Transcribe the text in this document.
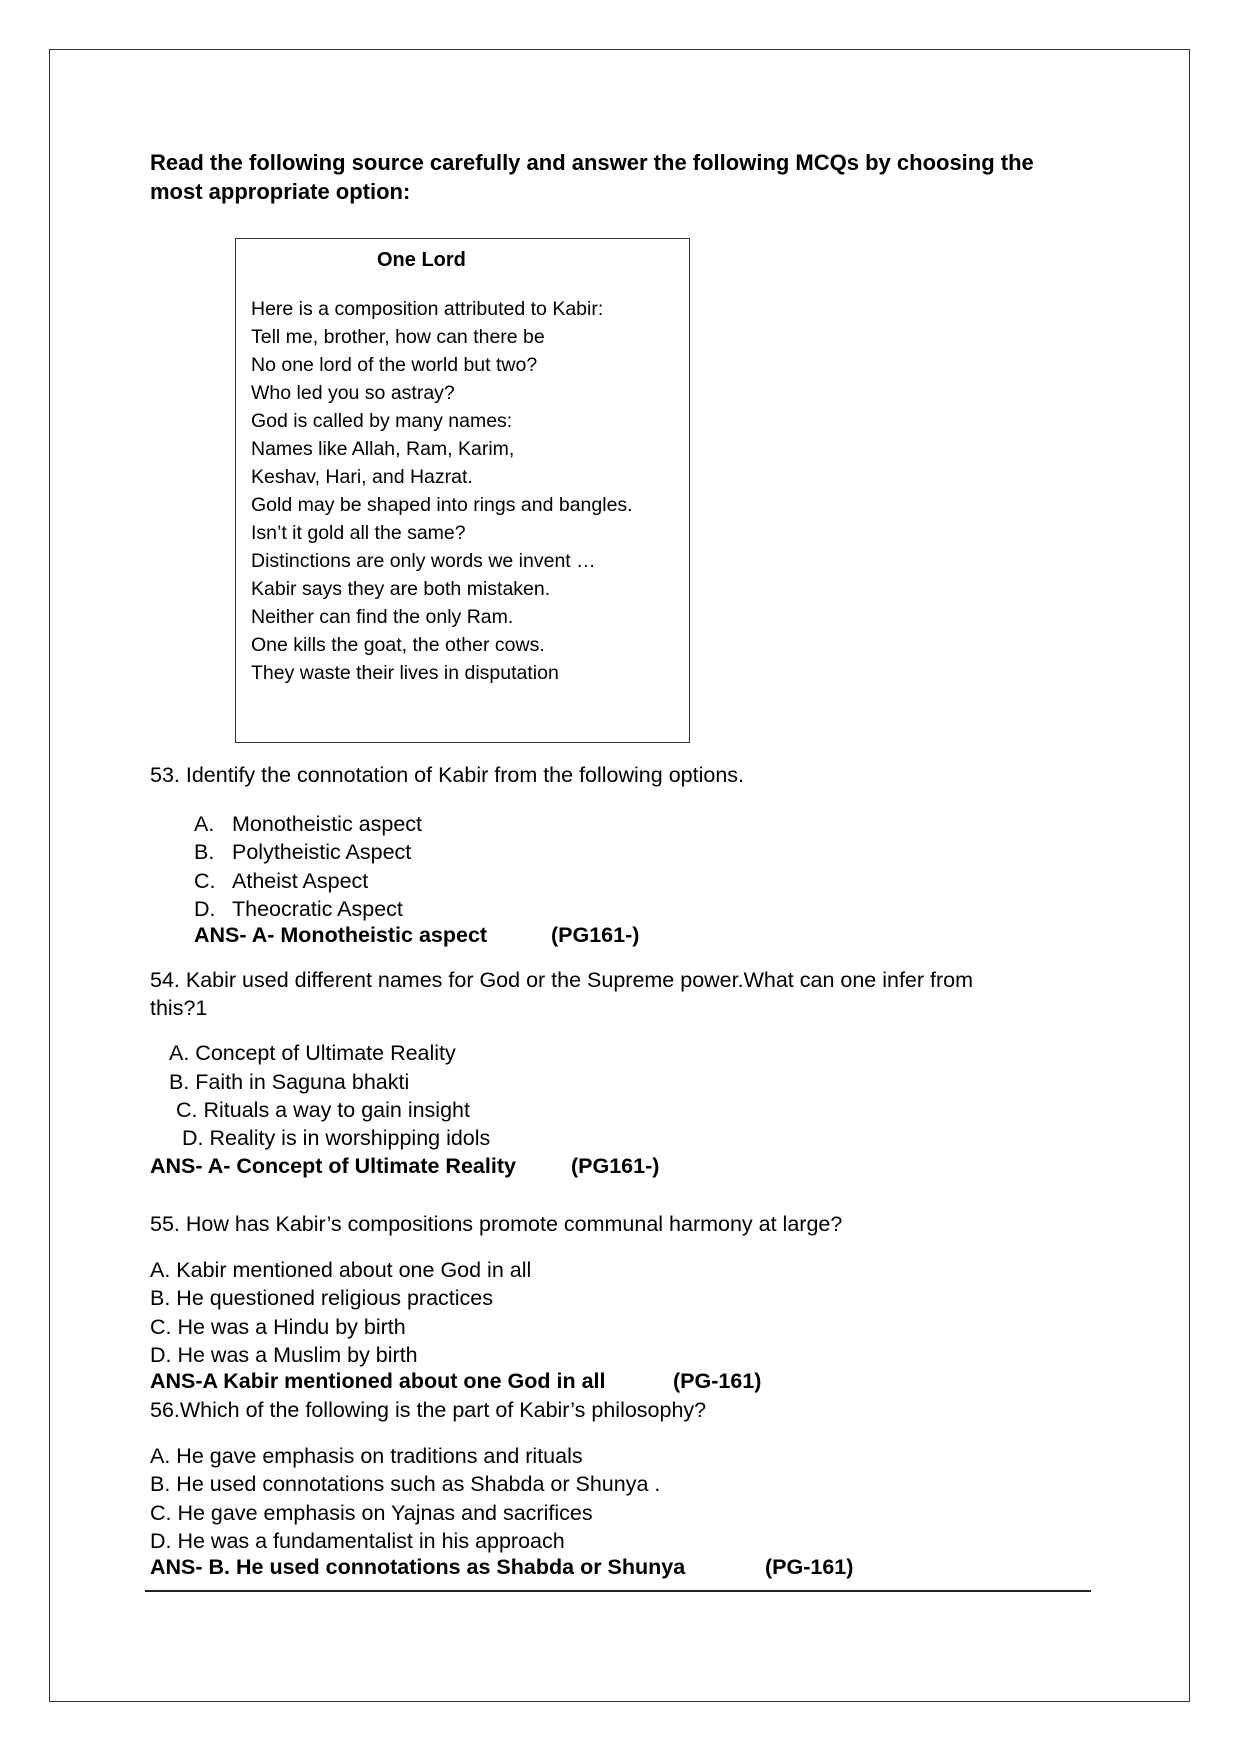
Read the following source carefully and answer the following MCQs by choosing the most appropriate option:
One Lord
Here is a composition attributed to Kabir:
Tell me, brother, how can there be
No one lord of the world but two?
Who led you so astray?
God is called by many names:
Names like Allah, Ram, Karim,
Keshav, Hari, and Hazrat.
Gold may be shaped into rings and bangles.
Isn’t it gold all the same?
Distinctions are only words we invent …
Kabir says they are both mistaken.
Neither can find the only Ram.
One kills the goat, the other cows.
They waste their lives in disputation
53. Identify the connotation of Kabir from the following options.
A. Monotheistic aspect
B. Polytheistic Aspect
C. Atheist Aspect
D. Theocratic Aspect
ANS- A- Monotheistic aspect	(PG161-)
54. Kabir used different names for God or the Supreme power.What can one infer from
this?1
A. Concept of Ultimate Reality
B. Faith in Saguna bhakti
C. Rituals a way to gain insight
D. Reality is in worshipping idols
ANS- A- Concept of Ultimate Reality	(PG161-)
55. How has Kabir’s compositions promote communal harmony at large?
A. Kabir mentioned about one God in all
B. He questioned religious practices
C. He was a Hindu by birth
D. He was a Muslim by birth
ANS-A Kabir mentioned about one God in all	(PG-161)
56.Which of the following is the part of Kabir’s philosophy?
A. He gave emphasis on traditions and rituals
B. He used connotations such as Shabda or Shunya .
C. He gave emphasis on Yajnas and sacrifices
D. He was a fundamentalist in his approach
ANS- B. He used connotations as Shabda or Shunya	(PG-161)
